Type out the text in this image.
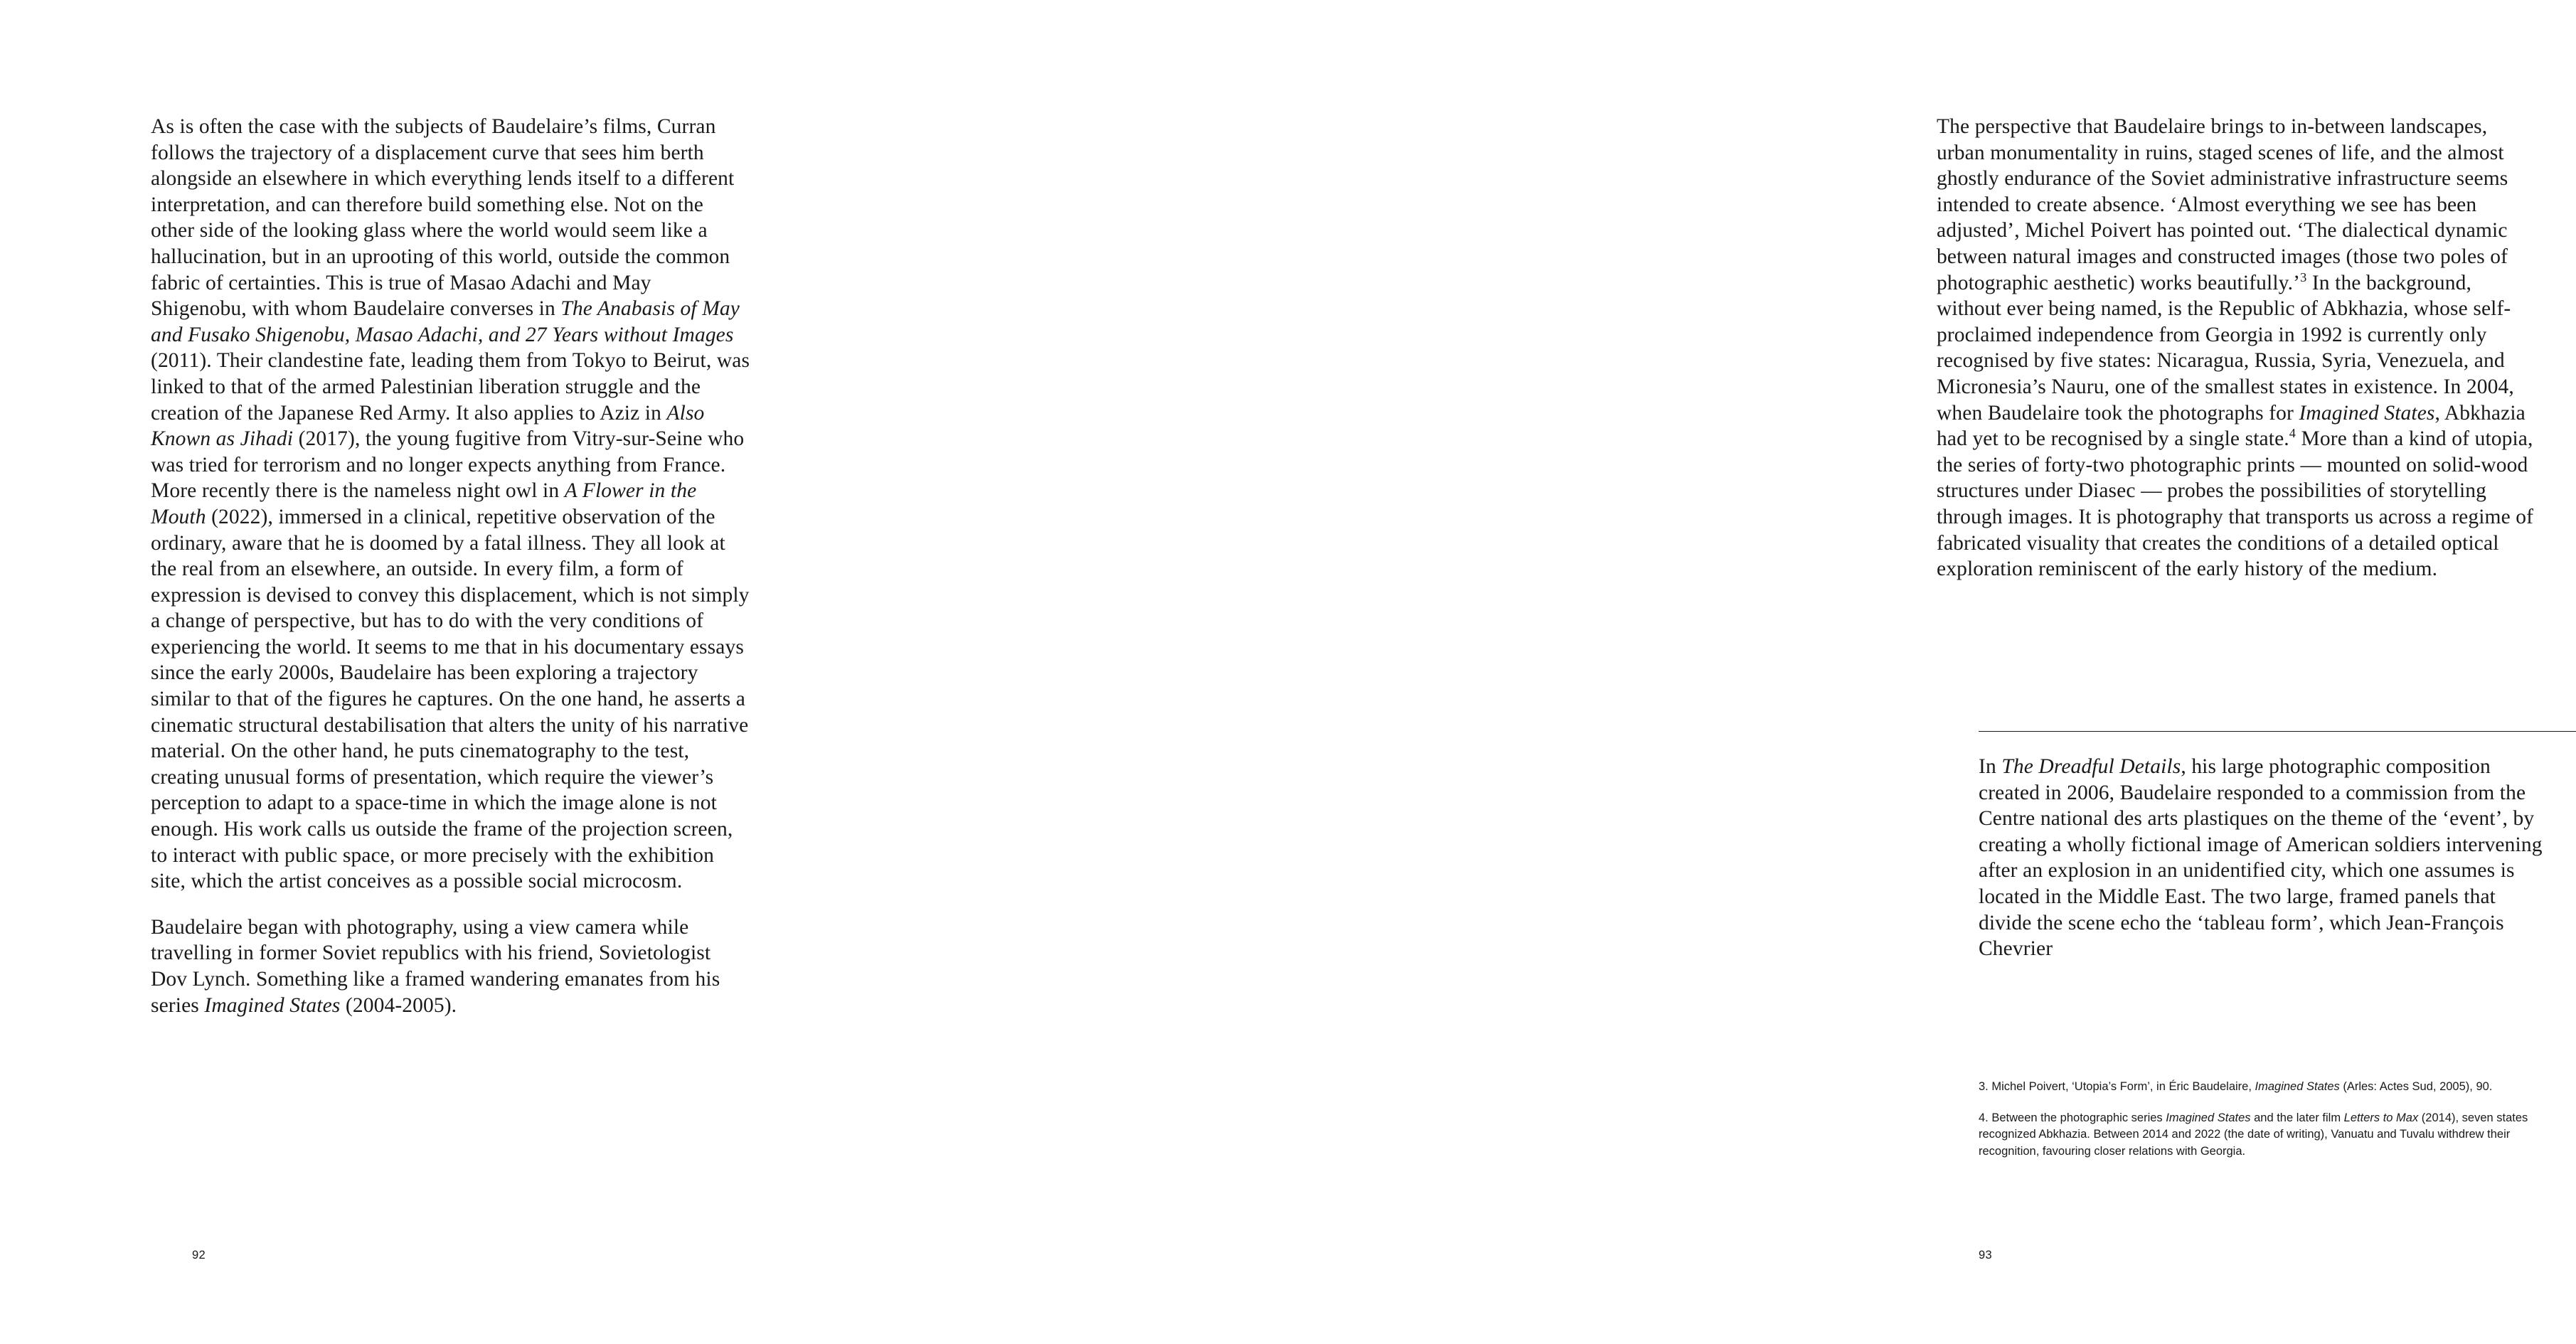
As is often the case with the subjects of Baudelaire’s films, Curran follows the trajectory of a displacement curve that sees him berth alongside an elsewhere in which everything lends itself to a different interpretation, and can therefore build something else. Not on the other side of the looking glass where the world would seem like a hallucination, but in an uprooting of this world, outside the common fabric of certainties. This is true of Masao Adachi and May Shigenobu, with whom Baudelaire converses in The Anabasis of May and Fusako Shigenobu, Masao Adachi, and 27 Years without Images (2011). Their clandestine fate, leading them from Tokyo to Beirut, was linked to that of the armed Palestinian liberation struggle and the creation of the Japanese Red Army. It also applies to Aziz in Also Known as Jihadi (2017), the young fugitive from Vitry-sur-Seine who was tried for terrorism and no longer expects anything from France. More recently there is the nameless night owl in A Flower in the Mouth (2022), immersed in a clinical, repetitive observation of the ordinary, aware that he is doomed by a fatal illness. They all look at the real from an elsewhere, an outside. In every film, a form of expression is devised to convey this displacement, which is not simply a change of perspective, but has to do with the very conditions of experiencing the world. It seems to me that in his documentary essays since the early 2000s, Baudelaire has been exploring a trajectory similar to that of the figures he captures. On the one hand, he asserts a cinematic structural destabilisation that alters the unity of his narrative material. On the other hand, he puts cinematography to the test, creating unusual forms of presentation, which require the viewer’s perception to adapt to a space-time in which the image alone is not enough. His work calls us outside the frame of the projection screen, to interact with public space, or more precisely with the exhibition site, which the artist conceives as a possible social microcosm.

Baudelaire began with photography, using a view camera while travelling in former Soviet republics with his friend, Sovietologist Dov Lynch. Something like a framed wandering emanates from his series Imagined States (2004-2005).

92

The perspective that Baudelaire brings to in-between landscapes, urban monumentality in ruins, staged scenes of life, and the almost ghostly endurance of the Soviet administrative infrastructure seems intended to create absence. ‘Almost everything we see has been adjusted’, Michel Poivert has pointed out. ‘The dialectical dynamic between natural images and constructed images (those two poles of photographic aesthetic) works beautifully.’$^3$ In the background, without ever being named, is the Republic of Abkhazia, whose self-proclaimed independence from Georgia in 1992 is currently only recognised by five states: Nicaragua, Russia, Syria, Venezuela, and Micronesia’s Nauru, one of the smallest states in existence. In 2004, when Baudelaire took the photographs for Imagined States, Abkhazia had yet to be recognised by a single state.$^4$ More than a kind of utopia, the series of forty-two photographic prints — mounted on solid-wood structures under Diasec — probes the possibilities of storytelling through images. It is photography that transports us across a regime of fabricated visuality that creates the conditions of a detailed optical exploration reminiscent of the early history of the medium.

In The Dreadful Details, his large photographic composition created in 2006, Baudelaire responded to a commission from the Centre national des arts plastiques on the theme of the ‘event’, by creating a wholly fictional image of American soldiers intervening after an explosion in an unidentified city, which one assumes is located in the Middle East. The two large, framed panels that divide the scene echo the ‘tableau form’, which Jean-François Chevrier

3. Michel Poivert, ‘Utopia’s Form’, in Éric Baudelaire, Imagined States (Arles: Actes Sud, 2005), 90.

4. Between the photographic series Imagined States and the later film Letters to Max (2014), seven states recognized Abkhazia. Between 2014 and 2022 (the date of writing), Vanuatu and Tuvalu withdrew their recognition, favouring closer relations with Georgia.

93
